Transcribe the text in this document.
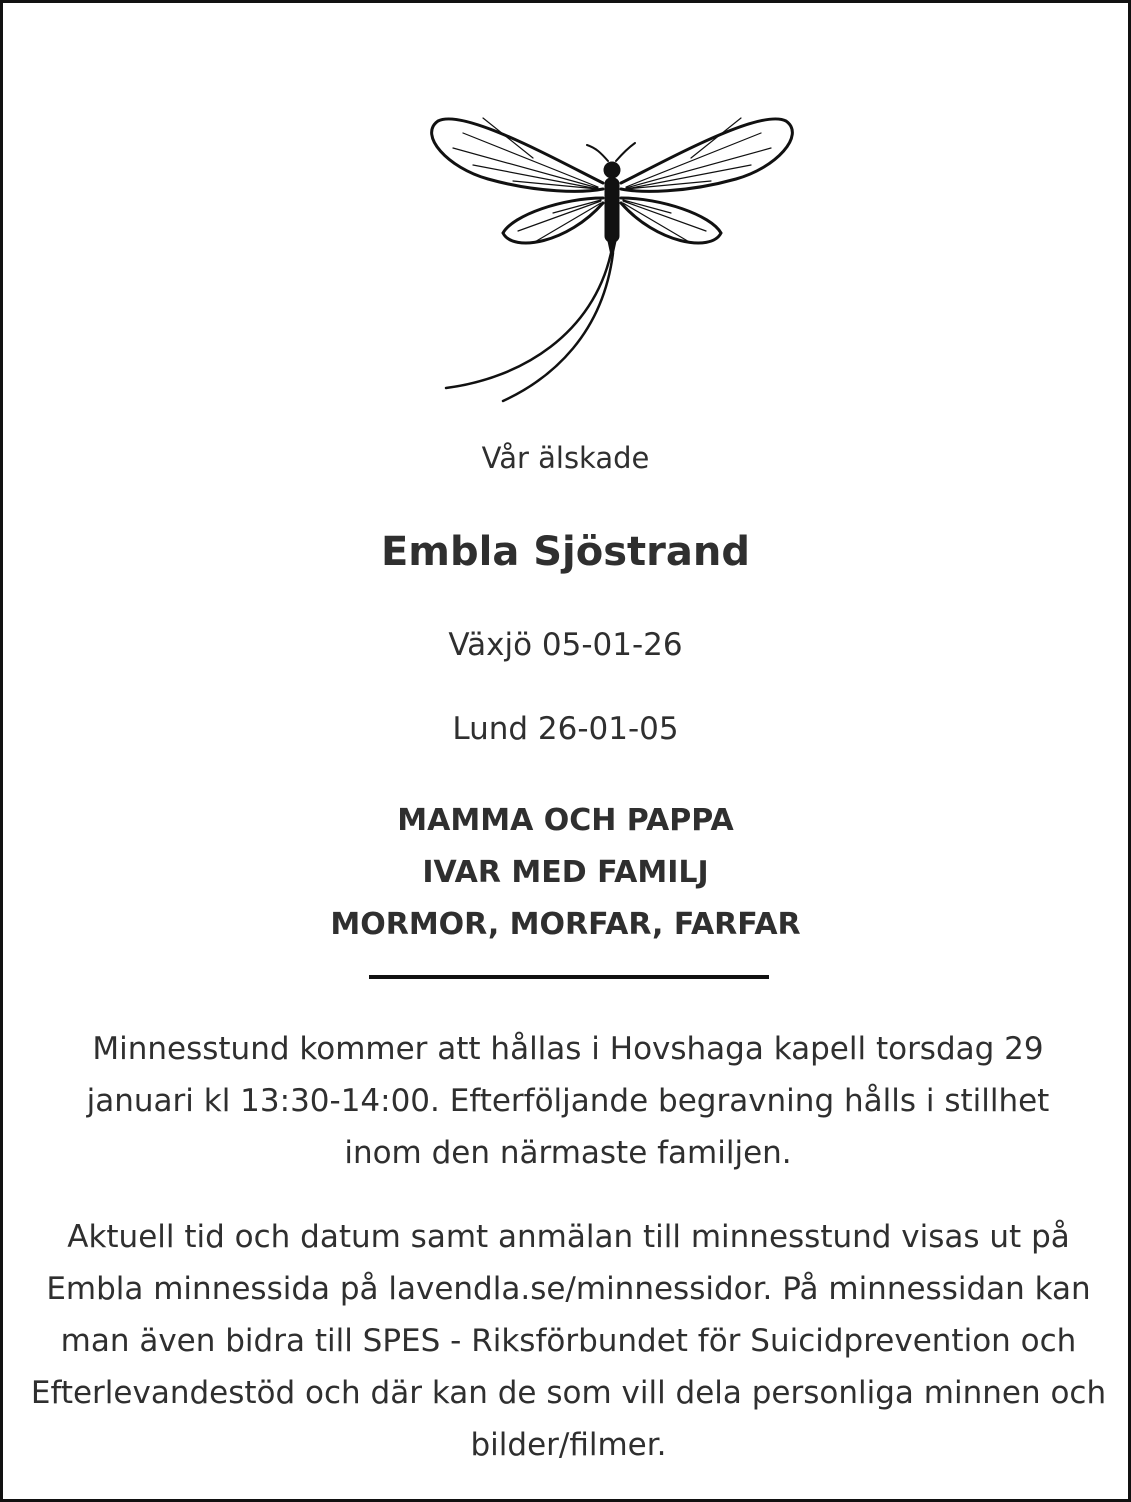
Vår älskade
Embla Sjöstrand
Växjö 05-01-26
Lund 26-01-05
MAMMA OCH PAPPA
IVAR MED FAMILJ
MORMOR, MORFAR, FARFAR
Minnesstund kommer att hållas i Hovshaga kapell torsdag 29 januari kl 13:30-14:00. Efterföljande begravning hålls i stillhet inom den närmaste familjen.
Aktuell tid och datum samt anmälan till minnesstund visas ut på Embla minnessida på lavendla.se/minnessidor. På minnessidan kan man även bidra till SPES - Riksförbundet för Suicidprevention och Efterlevandestöd och där kan de som vill dela personliga minnen och bilder/filmer.
